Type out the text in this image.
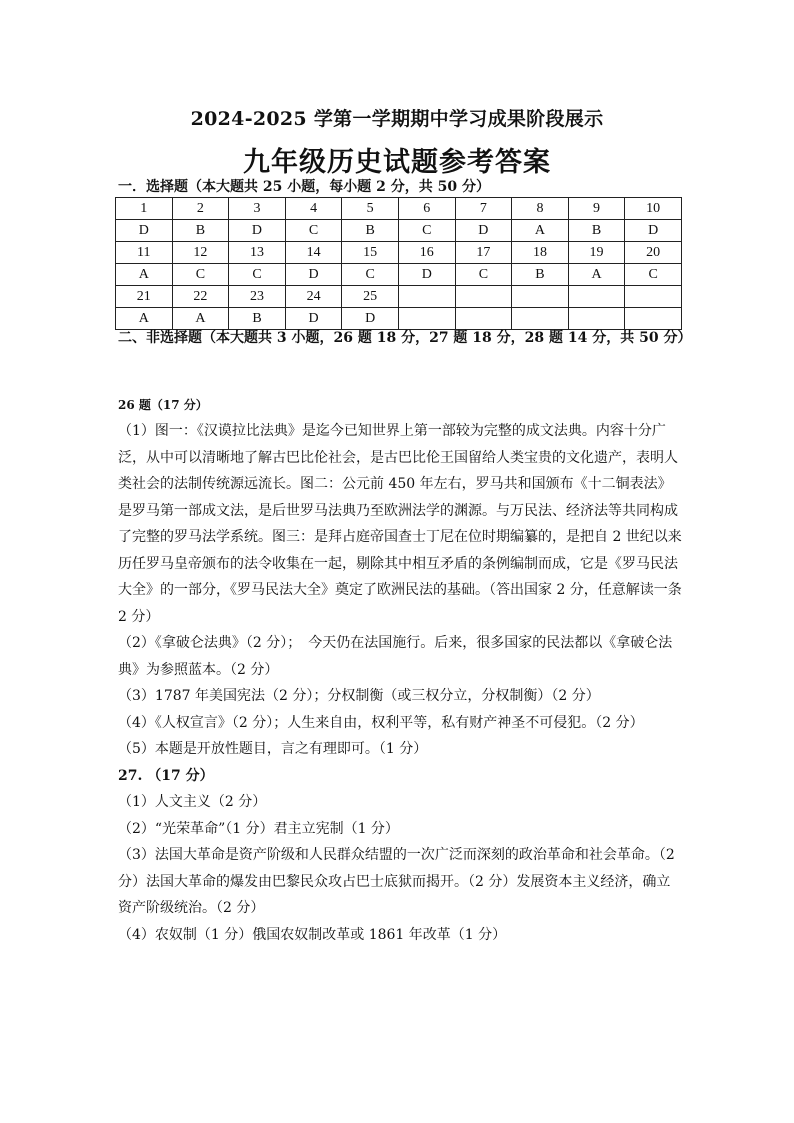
2024-2025 学第一学期期中学习成果阶段展示
九年级历史试题参考答案
一．选择题（本大题共 25 小题，每小题 2 分，共 50 分）
1	2	3	4	5	6	7	8	9	10
D	B	D	C	B	C	D	A	B	D
11	12	13	14	15	16	17	18	19	20
A	C	C	D	C	D	C	B	A	C
21	22	23	24	25					
A	A	B	D	D					
二、非选择题（本大题共 3 小题，26 题 18 分，27 题 18 分，28 题 14 分，共 50 分）
26 题（17 分）

（1）图一：《汉谟拉比法典》是迄今已知世界上第一部较为完整的成文法典。内容十分广泛，从中可以清晰地了解古巴比伦社会，是古巴比伦王国留给人类宝贵的文化遗产，表明人类社会的法制传统源远流长。图二：公元前 450 年左右，罗马共和国颁布《十二铜表法》是罗马第一部成文法，是后世罗马法典乃至欧洲法学的渊源。与万民法、经济法等共同构成了完整的罗马法学系统。图三：是拜占庭帝国查士丁尼在位时期编纂的，是把自 2 世纪以来历任罗马皇帝颁布的法令收集在一起，剔除其中相互矛盾的条例编制而成，它是《罗马民法大全》的一部分，《罗马民法大全》奠定了欧洲民法的基础。（答出国家 2 分，任意解读一条 2 分）

（2）《拿破仑法典》（2 分）；　今天仍在法国施行。后来，很多国家的民法都以《拿破仑法典》为参照蓝本。（2 分）

（3）1787 年美国宪法（2 分）；分权制衡（或三权分立，分权制衡）（2 分）

（4）《人权宣言》（2 分）；人生来自由，权利平等，私有财产神圣不可侵犯。（2 分）

（5）本题是开放性题目，言之有理即可。（1 分）

27. （17 分）

（1）人文主义（2 分）

（2）“光荣革命”（1 分）君主立宪制（1 分）

（3）法国大革命是资产阶级和人民群众结盟的一次广泛而深刻的政治革命和社会革命。（2 分）法国大革命的爆发由巴黎民众攻占巴士底狱而揭开。（2 分）发展资本主义经济，确立资产阶级统治。（2 分）

（4）农奴制（1 分）俄国农奴制改革或 1861 年改革（1 分）
